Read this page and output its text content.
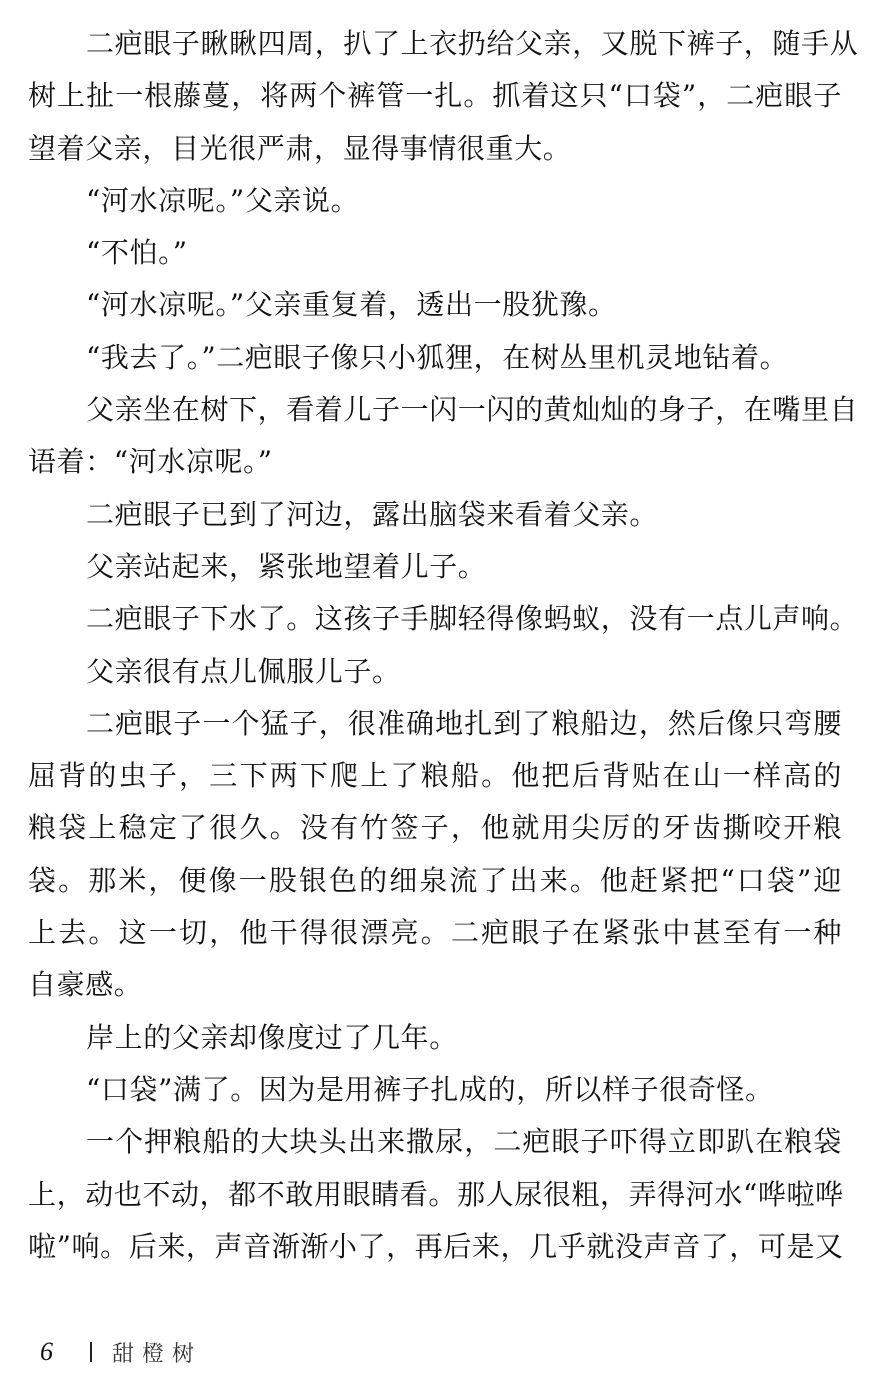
二疤眼子瞅瞅四周，扒了上衣扔给父亲，又脱下裤子，随手从
树上扯一根藤蔓，将两个裤管一扎。抓着这只“口袋”，二疤眼子
望着父亲，目光很严肃，显得事情很重大。
“河水凉呢。”父亲说。
“不怕。”
“河水凉呢。”父亲重复着，透出一股犹豫。
“我去了。”二疤眼子像只小狐狸，在树丛里机灵地钻着。
父亲坐在树下，看着儿子一闪一闪的黄灿灿的身子，在嘴里自
语着：“河水凉呢。”
二疤眼子已到了河边，露出脑袋来看着父亲。
父亲站起来，紧张地望着儿子。
二疤眼子下水了。这孩子手脚轻得像蚂蚁，没有一点儿声响。
父亲很有点儿佩服儿子。
二疤眼子一个猛子，很准确地扎到了粮船边，然后像只弯腰
屈背的虫子，三下两下爬上了粮船。他把后背贴在山一样高的
粮袋上稳定了很久。没有竹签子，他就用尖厉的牙齿撕咬开粮
袋。那米，便像一股银色的细泉流了出来。他赶紧把“口袋”迎
上去。这一切，他干得很漂亮。二疤眼子在紧张中甚至有一种
自豪感。
岸上的父亲却像度过了几年。
“口袋”满了。因为是用裤子扎成的，所以样子很奇怪。
一个押粮船的大块头出来撒尿，二疤眼子吓得立即趴在粮袋
上，动也不动，都不敢用眼睛看。那人尿很粗，弄得河水“哗啦哗
啦”响。后来，声音渐渐小了，再后来，几乎就没声音了，可是又
6	甜橙树
